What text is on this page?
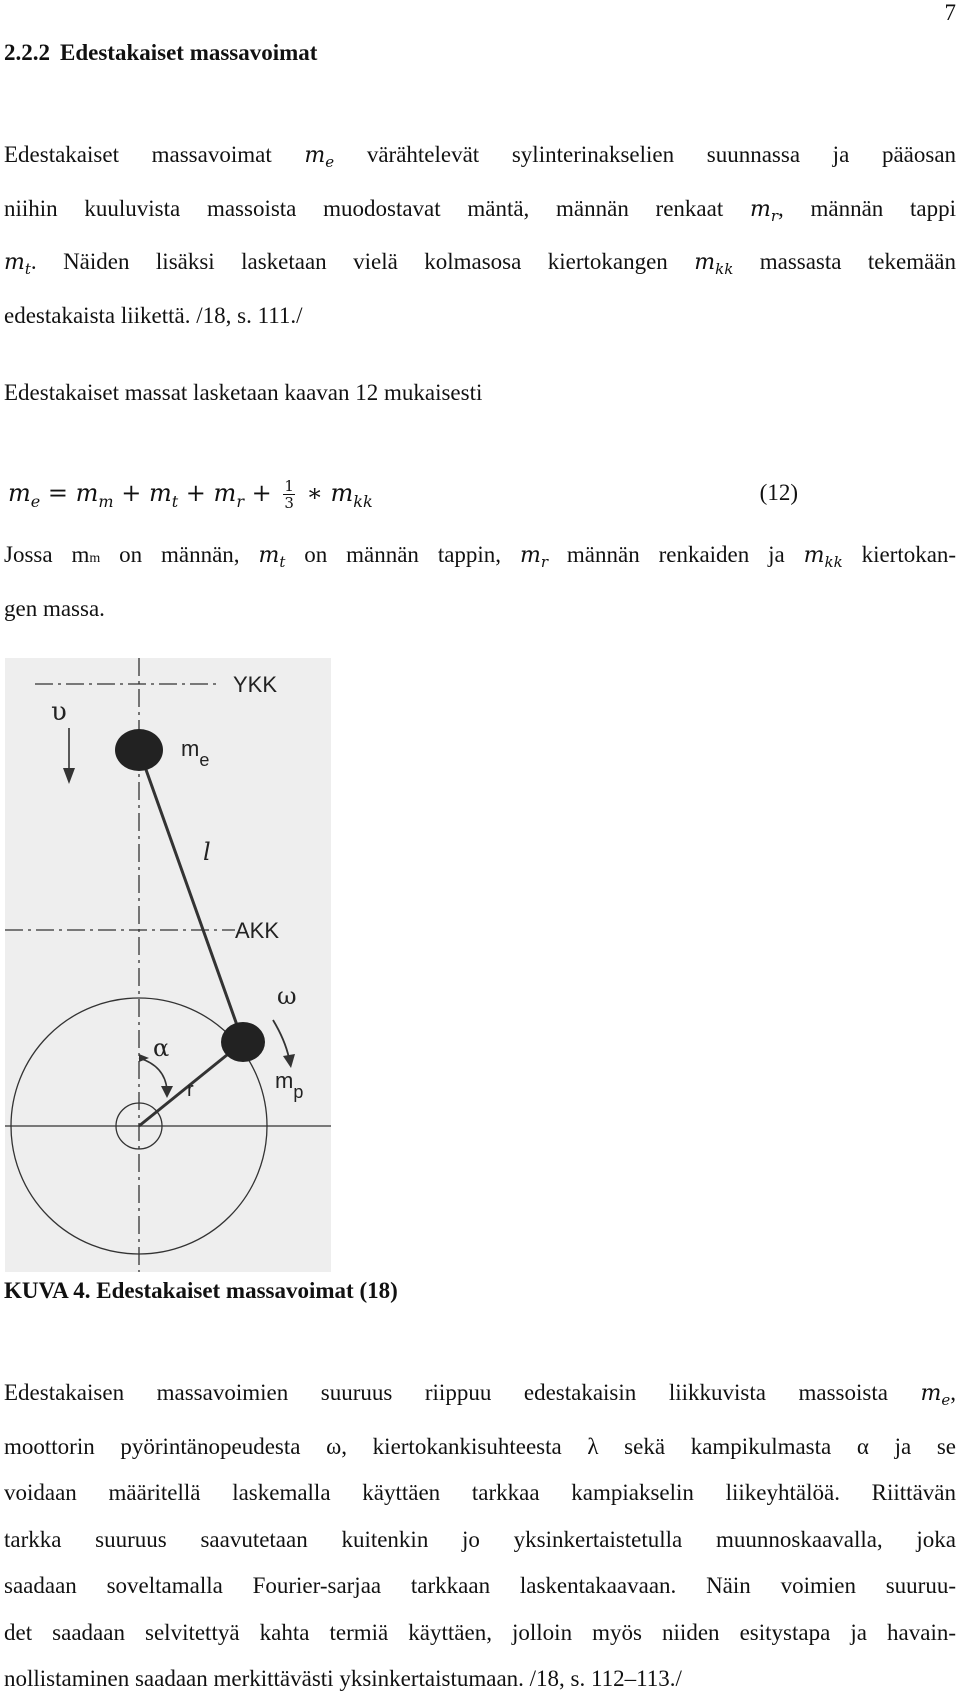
7
2.2.2 Edestakaiset massavoimat
Edestakaiset massavoimat $m_e$ värähtelevät sylinterinakselien suunnassa ja pääosan
niihin kuuluvista massoista muodostavat mäntä, männän renkaat $m_r$, männän tappi
$m_t$. Näiden lisäksi lasketaan vielä kolmasosa kiertokangen $m_{kk}$ massasta tekemään
edestakaista liikettä. /18, s. 111./
Edestakaiset massat lasketaan kaavan 12 mukaisesti
$m_e = m_m + m_t + m_r + \frac{1}{3}$ ∗ $m_{kk}$	(12)
Jossa mm on männän, $m_t$ on männän tappin, $m_r$ männän renkaiden ja $m_{kk}$ kiertokan-
gen massa.
YKK
AKK
υ
$m_e$
l
ω
α
r	$m_p$
KUVA 4. Edestakaiset massavoimat (18)
Edestakaisen massavoimien suuruus riippuu edestakaisin liikkuvista massoista $m_e$,
moottorin pyörintänopeudesta ω, kiertokankisuhteesta λ sekä kampikulmasta α ja se
voidaan määritellä laskemalla käyttäen tarkkaa kampiakselin liikeyhtälöä. Riittävän
tarkka suuruus saavutetaan kuitenkin jo yksinkertaistetulla muunnoskaavalla, joka
saadaan soveltamalla Fourier-sarjaa tarkkaan laskentakaavaan. Näin voimien suuruu-
det saadaan selvitettyä kahta termiä käyttäen, jolloin myös niiden esitystapa ja havain-
nollistaminen saadaan merkittävästi yksinkertaistumaan. /18, s. 112–113./
